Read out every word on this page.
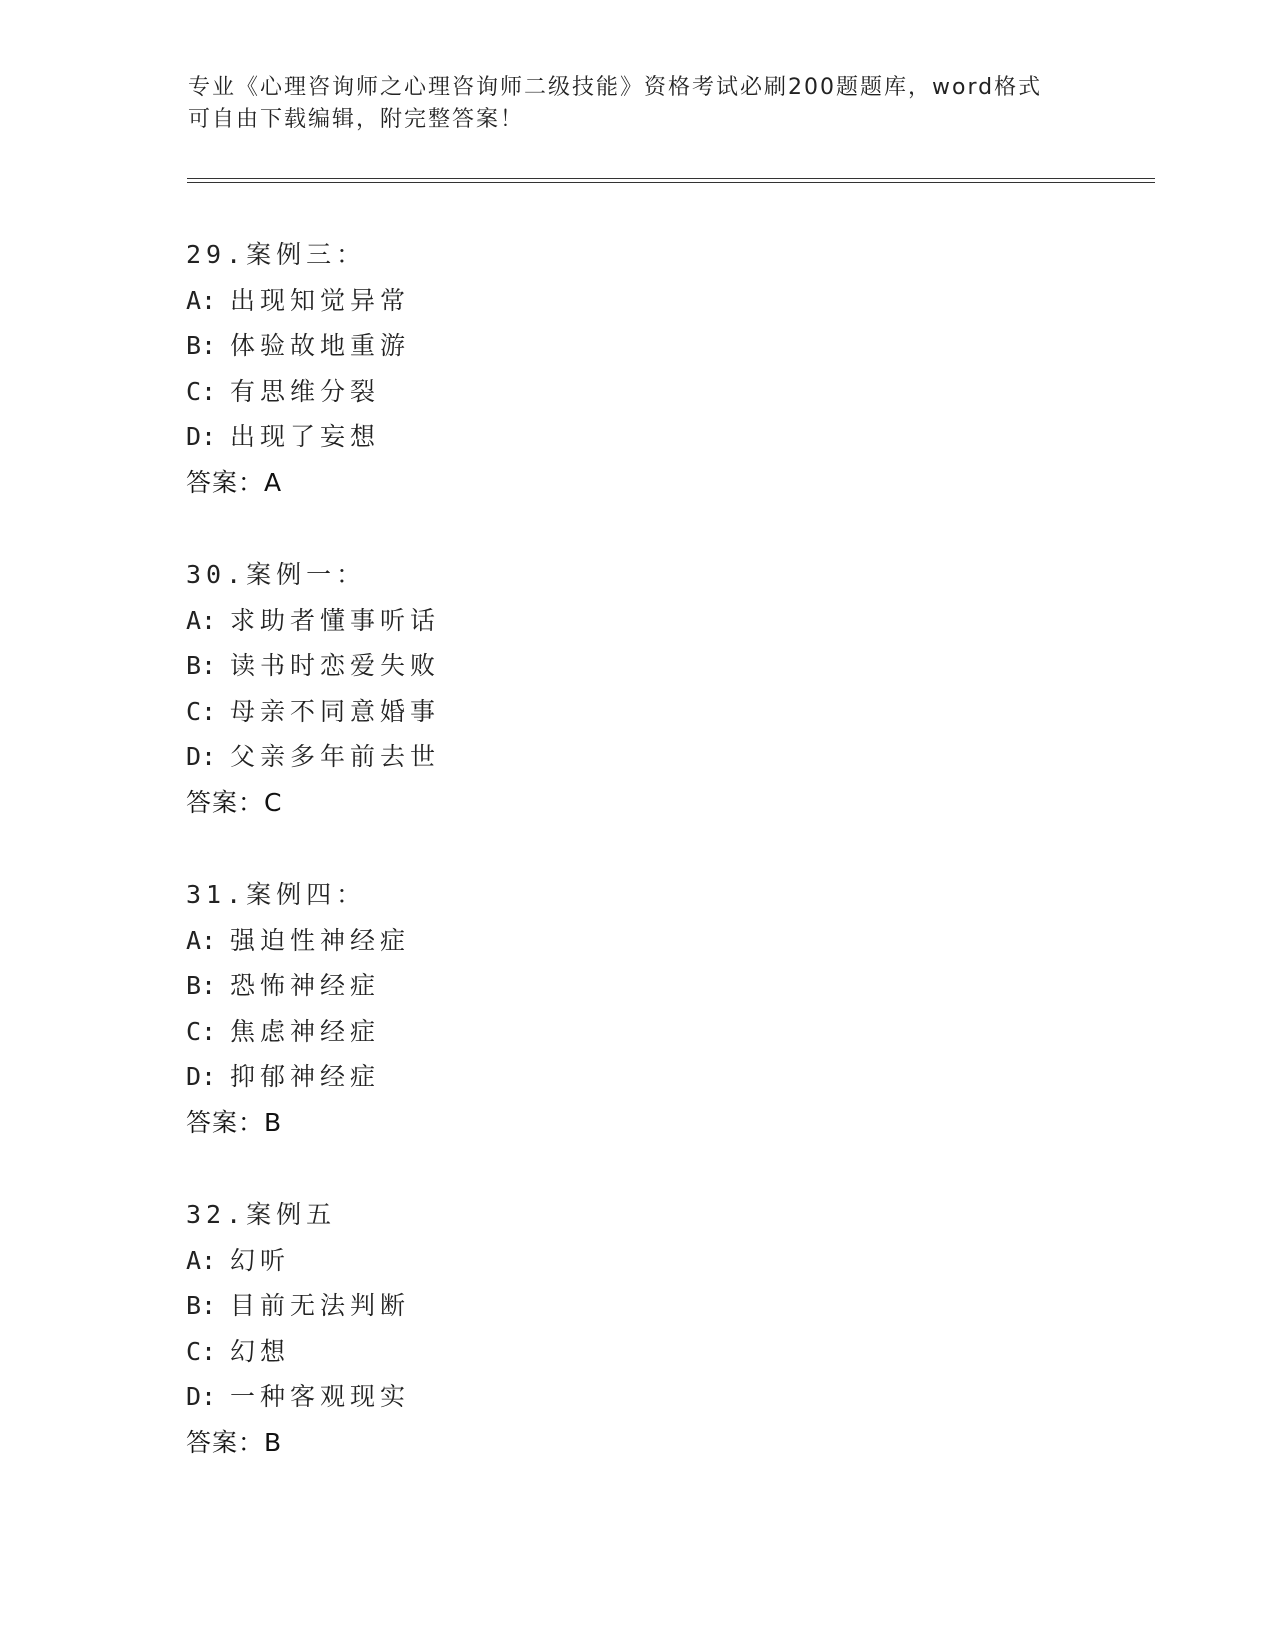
专业《心理咨询师之心理咨询师二级技能》资格考试必刷200题题库，word格式
可自由下载编辑，附完整答案！
29.案例三：
A: 出现知觉异常
B: 体验故地重游
C: 有思维分裂
D: 出现了妄想
答案：A
30.案例一：
A: 求助者懂事听话
B: 读书时恋爱失败
C: 母亲不同意婚事
D: 父亲多年前去世
答案：C
31.案例四：
A: 强迫性神经症
B: 恐怖神经症
C: 焦虑神经症
D: 抑郁神经症
答案：B
32.案例五
A: 幻听
B: 目前无法判断
C: 幻想
D: 一种客观现实
答案：B
